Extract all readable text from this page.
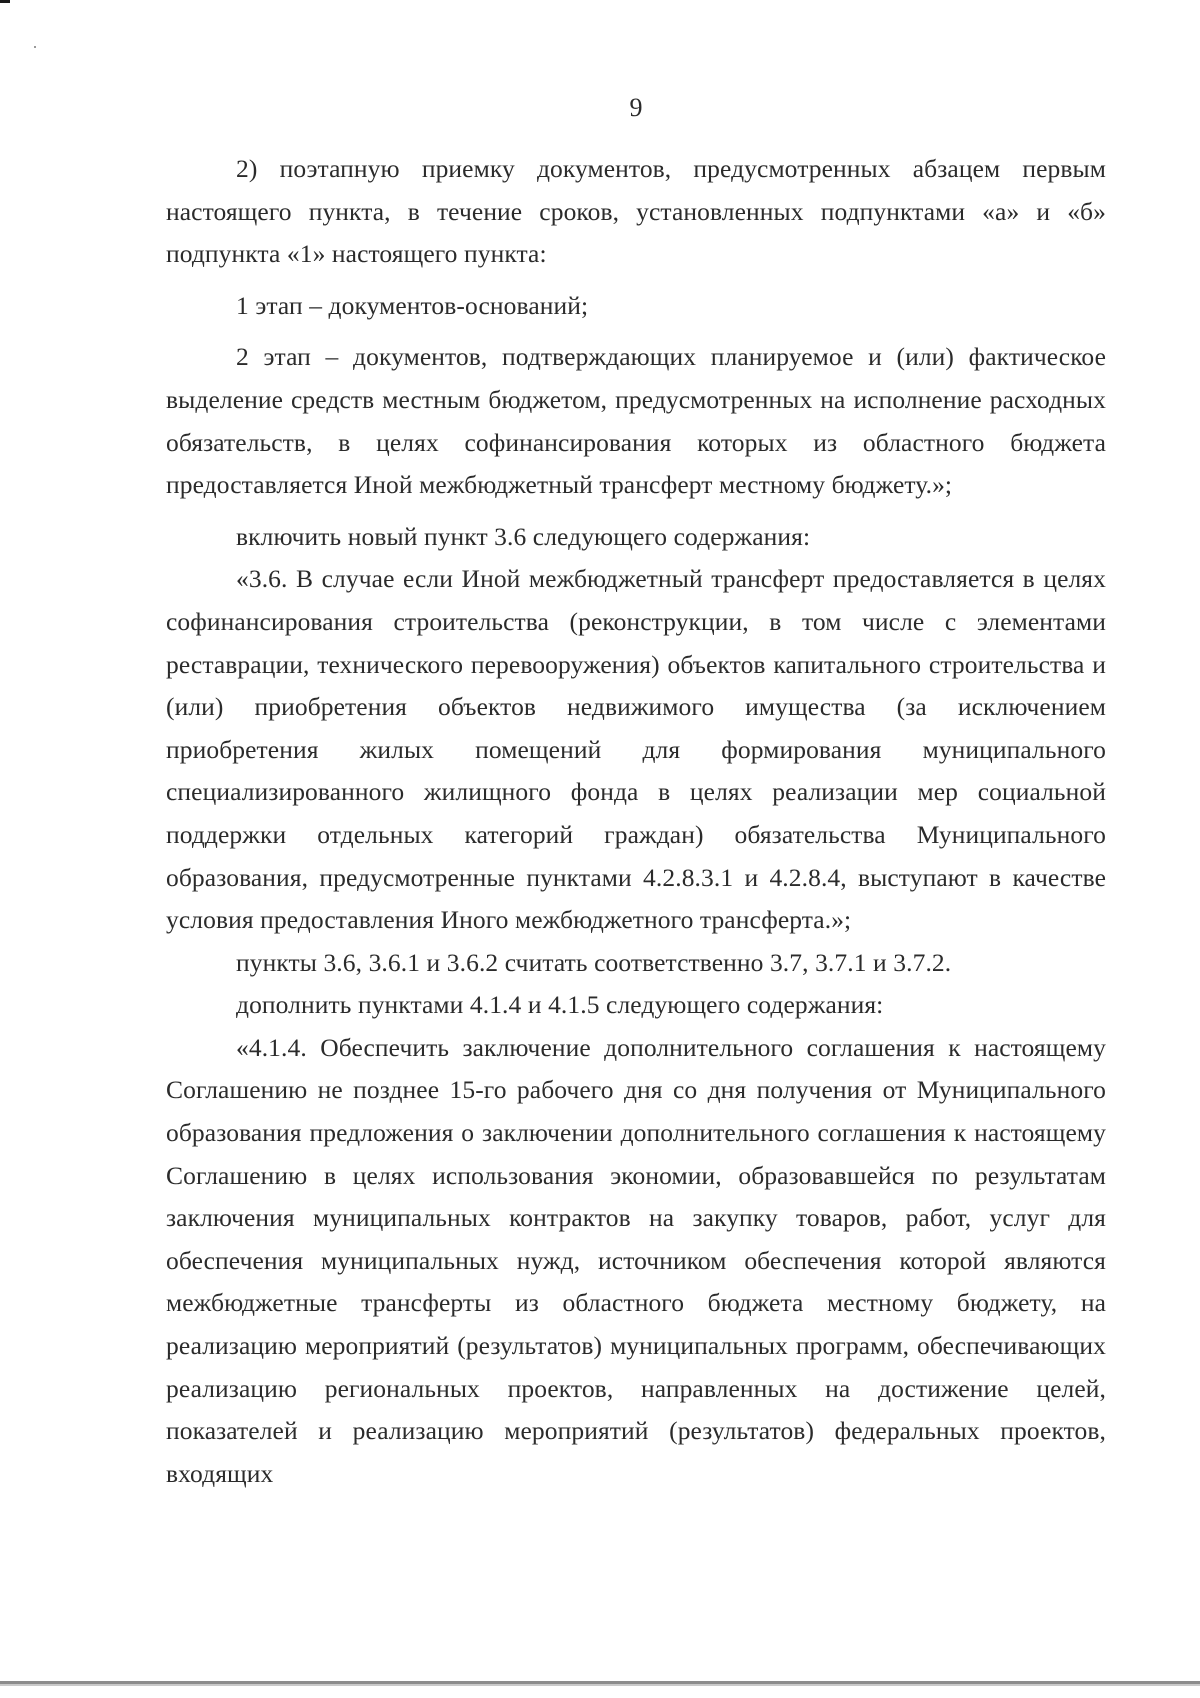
9

2) поэтапную приемку документов, предусмотренных абзацем первым настоящего пункта, в течение сроков, установленных подпунктами «а» и «б» подпункта «1» настоящего пункта:

1 этап – документов-оснований;

2 этап – документов, подтверждающих планируемое и (или) фактическое выделение средств местным бюджетом, предусмотренных на исполнение расходных обязательств, в целях софинансирования которых из областного бюджета предоставляется Иной межбюджетный трансферт местному бюджету.»;

включить новый пункт 3.6 следующего содержания:

«3.6. В случае если Иной межбюджетный трансферт предоставляется в целях софинансирования строительства (реконструкции, в том числе с элементами реставрации, технического перевооружения) объектов капитального строительства и (или) приобретения объектов недвижимого имущества (за исключением приобретения жилых помещений для формирования муниципального специализированного жилищного фонда в целях реализации мер социальной поддержки отдельных категорий граждан) обязательства Муниципального образования, предусмотренные пунктами 4.2.8.3.1 и 4.2.8.4, выступают в качестве условия предоставления Иного межбюджетного трансферта.»;

пункты 3.6, 3.6.1 и 3.6.2 считать соответственно 3.7, 3.7.1 и 3.7.2.

дополнить пунктами 4.1.4 и 4.1.5 следующего содержания:

«4.1.4. Обеспечить заключение дополнительного соглашения к настоящему Соглашению не позднее 15-го рабочего дня со дня получения от Муниципального образования предложения о заключении дополнительного соглашения к настоящему Соглашению в целях использования экономии, образовавшейся по результатам заключения муниципальных контрактов на закупку товаров, работ, услуг для обеспечения муниципальных нужд, источником обеспечения которой являются межбюджетные трансферты из областного бюджета местному бюджету, на реализацию мероприятий (результатов) муниципальных программ, обеспечивающих реализацию региональных проектов, направленных на достижение целей, показателей и реализацию мероприятий (результатов) федеральных проектов, входящих
